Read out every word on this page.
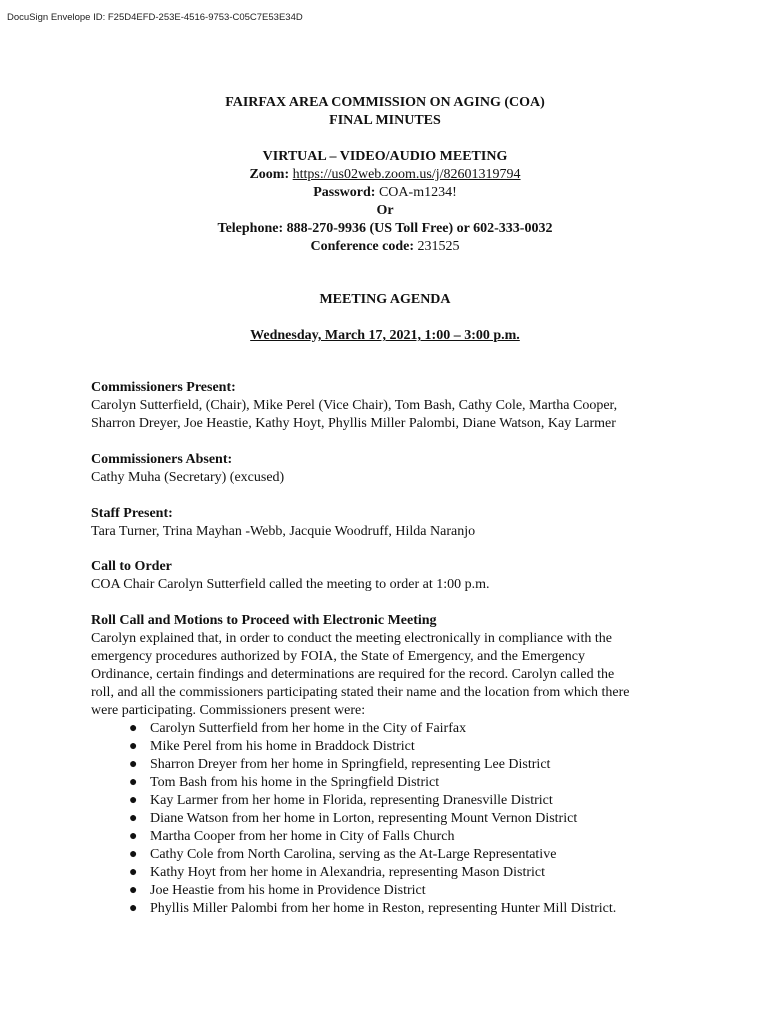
DocuSign Envelope ID: F25D4EFD-253E-4516-9753-C05C7E53E34D
FAIRFAX AREA COMMISSION ON AGING (COA)
FINAL MINUTES
VIRTUAL – VIDEO/AUDIO MEETING
Zoom: https://us02web.zoom.us/j/82601319794
Password: COA-m1234!
Or
Telephone: 888-270-9936 (US Toll Free) or 602-333-0032
Conference code: 231525
MEETING AGENDA
Wednesday, March 17, 2021, 1:00 – 3:00 p.m.
Commissioners Present:
Carolyn Sutterfield, (Chair), Mike Perel (Vice Chair), Tom Bash, Cathy Cole, Martha Cooper,
Sharron Dreyer, Joe Heastie, Kathy Hoyt, Phyllis Miller Palombi, Diane Watson, Kay Larmer
Commissioners Absent:
Cathy Muha (Secretary) (excused)
Staff Present:
Tara Turner, Trina Mayhan -Webb, Jacquie Woodruff, Hilda Naranjo
Call to Order
COA Chair Carolyn Sutterfield called the meeting to order at 1:00 p.m.
Roll Call and Motions to Proceed with Electronic Meeting
Carolyn explained that, in order to conduct the meeting electronically in compliance with the
emergency procedures authorized by FOIA, the State of Emergency, and the Emergency
Ordinance, certain findings and determinations are required for the record. Carolyn called the
roll, and all the commissioners participating stated their name and the location from which there
were participating. Commissioners present were:
● Carolyn Sutterfield from her home in the City of Fairfax
● Mike Perel from his home in Braddock District
● Sharron Dreyer from her home in Springfield, representing Lee District
● Tom Bash from his home in the Springfield District
● Kay Larmer from her home in Florida, representing Dranesville District
● Diane Watson from her home in Lorton, representing Mount Vernon District
● Martha Cooper from her home in City of Falls Church
● Cathy Cole from North Carolina, serving as the At-Large Representative
● Kathy Hoyt from her home in Alexandria, representing Mason District
● Joe Heastie from his home in Providence District
● Phyllis Miller Palombi from her home in Reston, representing Hunter Mill District.
